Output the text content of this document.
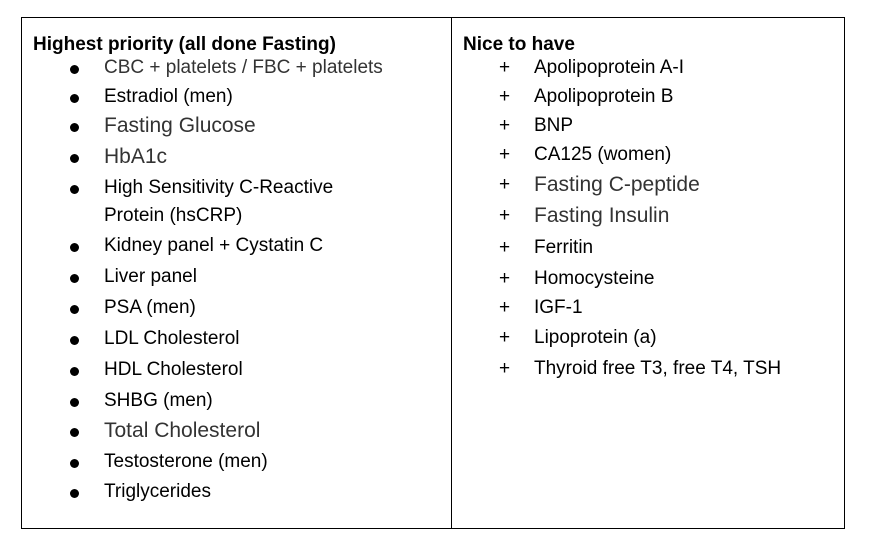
Highest priority (all done Fasting)
CBC + platelets / FBC + platelets
Estradiol (men)
Fasting Glucose
HbA1c
High Sensitivity C-Reactive
Protein (hsCRP)
Kidney panel + Cystatin C
Liver panel
PSA (men)
LDL Cholesterol
HDL Cholesterol
SHBG (men)
Total Cholesterol
Testosterone (men)
Triglycerides
Nice to have
+ Apolipoprotein A-I
+ Apolipoprotein B
+ BNP
+ CA125 (women)
+ Fasting C-peptide
+ Fasting Insulin
+ Ferritin
+ Homocysteine
+ IGF-1
+ Lipoprotein (a)
+ Thyroid free T3, free T4, TSH
